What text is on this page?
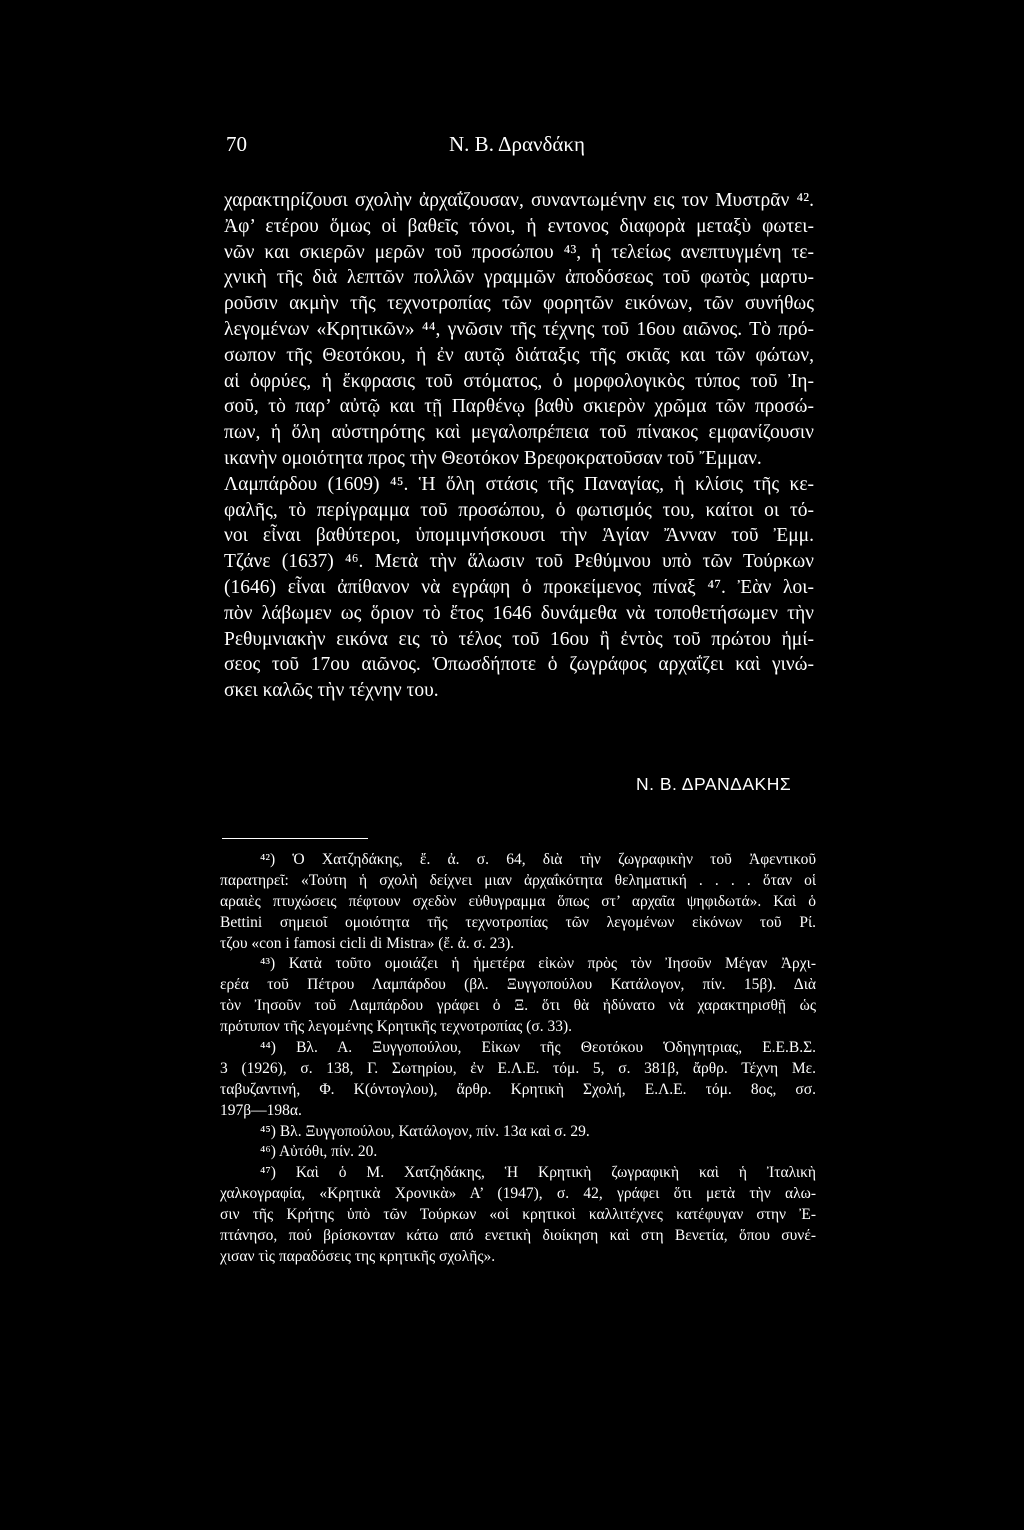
70	Ν. Β. Δρανδάκη
χαρακτηρίζουσι σχολὴν ἀρχαΐζουσαν, συναντωμένην εις τον Μυστρᾶν ⁴².
Ἀφ’ ετέρου ὅμως οἱ βαθεῖς τόνοι, ἡ εντονος διαφορὰ μεταξὺ φωτει-
νῶν και σκιερῶν μερῶν τοῦ προσώπου ⁴³, ἡ τελείως ανεπτυγμένη τε-
χνικὴ τῆς διὰ λεπτῶν πολλῶν γραμμῶν ἀποδόσεως τοῦ φωτὸς μαρτυ-
ροῦσιν ακμὴν τῆς τεχνοτροπίας τῶν φορητῶν εικόνων, τῶν συνήθως
λεγομένων «Κρητικῶν» ⁴⁴, γνῶσιν τῆς τέχνης τοῦ 16ου αιῶνος. Τὸ πρό-
σωπον τῆς Θεοτόκου, ἡ ἐν αυτῷ διάταξις τῆς σκιᾶς και τῶν φώτων,
αἱ ὀφρύες, ἡ ἔκφρασις τοῦ στόματος, ὁ μορφολογικὸς τύπος τοῦ Ἰη-
σοῦ, τὸ παρ’ αὐτῷ και τῇ Παρθένῳ βαθὺ σκιερὸν χρῶμα τῶν προσώ-
πων, ἡ ὅλη αὐστηρότης καὶ μεγαλοπρέπεια τοῦ πίνακος εμφανίζουσιν
ικανὴν ομοιότητα προς τὴν Θεοτόκον Βρεφοκρατοῦσαν τοῦ Ἔμμαν.
Λαμπάρδου (1609) ⁴⁵. Ἡ ὅλη στάσις τῆς Παναγίας, ἡ κλίσις τῆς κε-
φαλῆς, τὸ περίγραμμα τοῦ προσώπου, ὁ φωτισμός του, καίτοι οι τό-
νοι εἶναι βαθύτεροι, ὑπομιμνήσκουσι τὴν Ἁγίαν Ἄνναν τοῦ Ἐμμ.
Τζάνε (1637) ⁴⁶. Μετὰ τὴν ἅλωσιν τοῦ Ρεθύμνου υπὸ τῶν Τούρκων
(1646) εἶναι ἀπίθανον νὰ εγράφη ὁ προκείμενος πίναξ ⁴⁷. Ἐὰν λοι-
πὸν λάβωμεν ως ὅριον τὸ ἔτος 1646 δυνάμεθα νὰ τοποθετήσωμεν τὴν
Ρεθυμνιακὴν εικόνα εις τὸ τέλος τοῦ 16ου ἢ ἐντὸς τοῦ πρώτου ἡμί-
σεος τοῦ 17ου αιῶνος. Ὁπωσδήποτε ὁ ζωγράφος αρχαΐζει καὶ γινώ-
σκει καλῶς τὴν τέχνην του.
Ν. Β. ΔΡΑΝΔΑΚΗΣ
⁴²) Ὁ Χατζηδάκης, ἔ. ἀ. σ. 64, διὰ τὴν ζωγραφικὴν τοῦ Ἀφεντικοῦ
παρατηρεῖ: «Τούτη ἡ σχολὴ δείχνει μιαν ἀρχαΐκότητα θεληματική . . . . ὅταν οἱ
αραιὲς πτυχώσεις πέφτουν σχεδὸν εὐθυγραμμα ὅπως στ’ αρχαῖα ψηφιδωτά». Καὶ ὁ
Bettini σημειοῖ ομοιότητα τῆς τεχνοτροπίας τῶν λεγομένων εἰκόνων τοῦ Ρί.
τζου «con i famosi cicli di Mistra» (ἔ. ἀ. σ. 23).
⁴³) Κατὰ τοῦτο ομοιάζει ἡ ἡμετέρα εἰκὼν πρὸς τὸν Ἰησοῦν Μέγαν Ἀρχι-
ερέα τοῦ Πέτρου Λαμπάρδου (βλ. Ξυγγοπούλου Κατάλογον, πίν. 15β). Διὰ
τὸν Ἰησοῦν τοῦ Λαμπάρδου γράφει ὁ Ξ. ὅτι θὰ ἠδύνατο νὰ χαρακτηρισθῇ ὡς
πρότυπον τῆς λεγομένης Κρητικῆς τεχνοτροπίας (σ. 33).
⁴⁴) Βλ. Α. Ξυγγοπούλου, Εἰκων τῆς Θεοτόκου Ὁδηγητριας, Ε.Ε.Β.Σ.
3 (1926), σ. 138, Γ. Σωτηρίου, ἐν Ε.Λ.Ε. τόμ. 5, σ. 381β, ἄρθρ. Τέχνη Με.
ταβυζαντινή, Φ. Κ(όντογλου), ἄρθρ. Κρητικὴ Σχολή, Ε.Λ.Ε. τόμ. 8ος, σσ.
197β—198α.
⁴⁵) Βλ. Ξυγγοπούλου, Κατάλογον, πίν. 13α καὶ σ. 29.
⁴⁶) Αὐτόθι, πίν. 20.
⁴⁷) Καὶ ὁ Μ. Χατζηδάκης, Ἡ Κρητικὴ ζωγραφικὴ καὶ ἡ Ἰταλικὴ
χαλκογραφία, «Κρητικὰ Χρονικὰ» Α’ (1947), σ. 42, γράφει ὅτι μετὰ τὴν αλω-
σιν τῆς Κρήτης ὑπὸ τῶν Τούρκων «οἱ κρητικοὶ καλλιτέχνες κατέφυγαν στην Ἐ-
πτάνησο, πού βρίσκονταν κάτω από ενετικὴ διοίκηση καὶ στη Βενετία, ὅπου συνέ-
χισαν τὶς παραδόσεις της κρητικῆς σχολῆς».
